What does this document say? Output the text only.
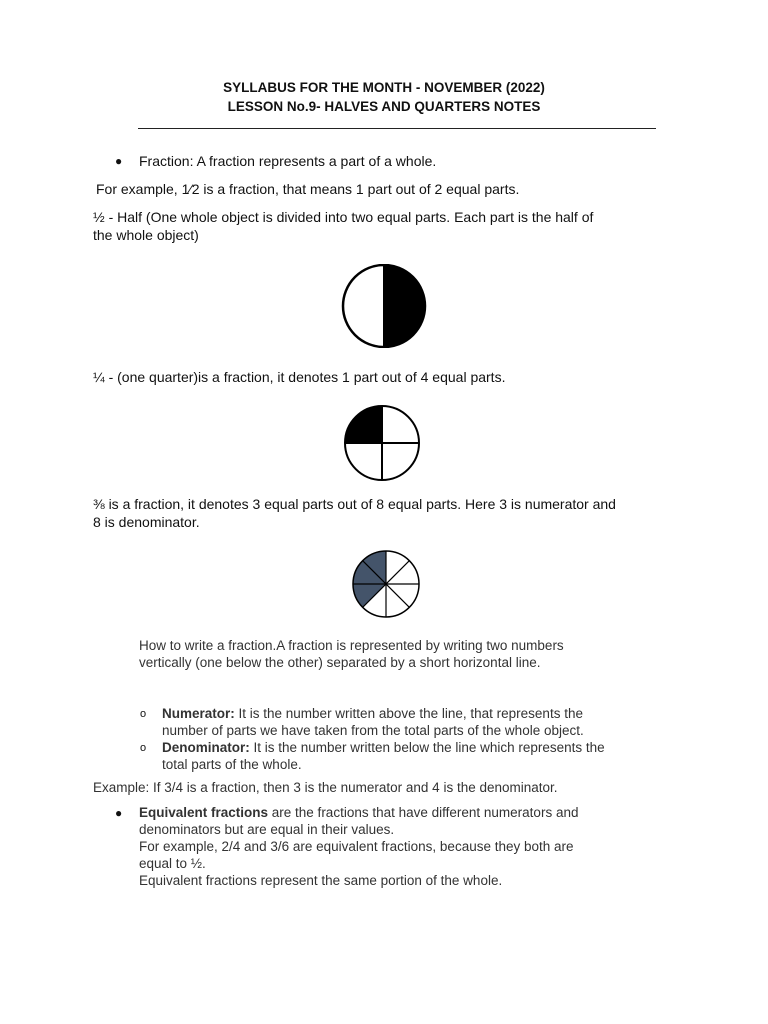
SYLLABUS FOR THE MONTH - NOVEMBER (2022)
LESSON No.9- HALVES AND QUARTERS NOTES
● Fraction: A fraction represents a part of a whole.
For example, 1⁄2 is a fraction, that means 1 part out of 2 equal parts.
½ - Half (One whole object is divided into two equal parts. Each part is the half of
the whole object)
¼ - (one quarter)is a fraction, it denotes 1 part out of 4 equal parts.
⅜ is a fraction, it denotes 3 equal parts out of 8 equal parts. Here 3 is numerator and
8 is denominator.
How to write a fraction.A fraction is represented by writing two numbers
vertically (one below the other) separated by a short horizontal line.
o Numerator: It is the number written above the line, that represents the
number of parts we have taken from the total parts of the whole object.
o Denominator: It is the number written below the line which represents the
total parts of the whole.
Example: If 3/4 is a fraction, then 3 is the numerator and 4 is the denominator.
● Equivalent fractions are the fractions that have different numerators and
denominators but are equal in their values.
For example, 2/4 and 3/6 are equivalent fractions, because they both are
equal to ½.
Equivalent fractions represent the same portion of the whole.
